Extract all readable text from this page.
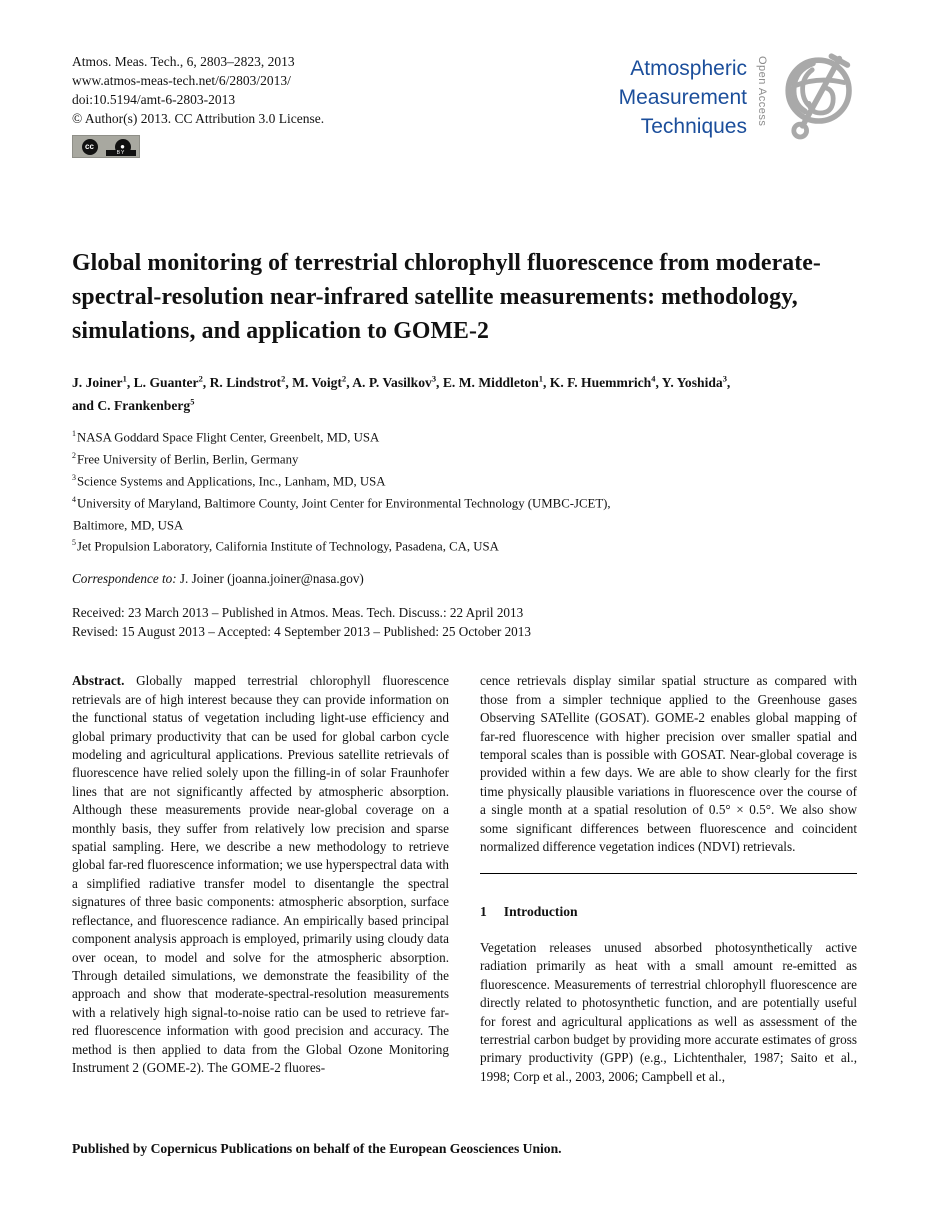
Atmos. Meas. Tech., 6, 2803–2823, 2013
www.atmos-meas-tech.net/6/2803/2013/
doi:10.5194/amt-6-2803-2013
© Author(s) 2013. CC Attribution 3.0 License.
cc	●
BY
Atmospheric
Measurement
Techniques
Open Access
Global monitoring of terrestrial chlorophyll fluorescence from moderate-spectral-resolution near-infrared satellite measurements: methodology, simulations, and application to GOME-2
J. Joiner$^1$, L. Guanter$^2$, R. Lindstrot$^2$, M. Voigt$^2$, A. P. Vasilkov$^3$, E. M. Middleton$^1$, K. F. Huemmrich$^4$, Y. Yoshida$^3$,
and C. Frankenberg$^5$
$^1$NASA Goddard Space Flight Center, Greenbelt, MD, USA
$^2$Free University of Berlin, Berlin, Germany
$^3$Science Systems and Applications, Inc., Lanham, MD, USA
$^4$University of Maryland, Baltimore County, Joint Center for Environmental Technology (UMBC-JCET),
Baltimore, MD, USA
$^5$Jet Propulsion Laboratory, California Institute of Technology, Pasadena, CA, USA
Correspondence to: J. Joiner (joanna.joiner@nasa.gov)
Received: 23 March 2013 – Published in Atmos. Meas. Tech. Discuss.: 22 April 2013
Revised: 15 August 2013 – Accepted: 4 September 2013 – Published: 25 October 2013

Abstract. Globally mapped terrestrial chlorophyll fluorescence retrievals are of high interest because they can provide information on the functional status of vegetation including light-use efficiency and global primary productivity that can be used for global carbon cycle modeling and agricultural applications. Previous satellite retrievals of fluorescence have relied solely upon the filling-in of solar Fraunhofer lines that are not significantly affected by atmospheric absorption. Although these measurements provide near-global coverage on a monthly basis, they suffer from relatively low precision and sparse spatial sampling. Here, we describe a new methodology to retrieve global far-red fluorescence information; we use hyperspectral data with a simplified radiative transfer model to disentangle the spectral signatures of three basic components: atmospheric absorption, surface reflectance, and fluorescence radiance. An empirically based principal component analysis approach is employed, primarily using cloudy data over ocean, to model and solve for the atmospheric absorption. Through detailed simulations, we demonstrate the feasibility of the approach and show that moderate-spectral-resolution measurements with a relatively high signal-to-noise ratio can be used to retrieve far-red fluorescence information with good precision and accuracy. The method is then applied to data from the Global Ozone Monitoring Instrument 2 (GOME-2). The GOME-2 fluores-

cence retrievals display similar spatial structure as compared with those from a simpler technique applied to the Greenhouse gases Observing SATellite (GOSAT). GOME-2 enables global mapping of far-red fluorescence with higher precision over smaller spatial and temporal scales than is possible with GOSAT. Near-global coverage is provided within a few days. We are able to show clearly for the first time physically plausible variations in fluorescence over the course of a single month at a spatial resolution of 0.5° × 0.5°. We also show some significant differences between fluorescence and coincident normalized difference vegetation indices (NDVI) retrievals.

1 Introduction

Vegetation releases unused absorbed photosynthetically active radiation primarily as heat with a small amount re-emitted as fluorescence. Measurements of terrestrial chlorophyll fluorescence are directly related to photosynthetic function, and are potentially useful for forest and agricultural applications as well as assessment of the terrestrial carbon budget by providing more accurate estimates of gross primary productivity (GPP) (e.g., Lichtenthaler, 1987; Saito et al., 1998; Corp et al., 2003, 2006; Campbell et al.,

Published by Copernicus Publications on behalf of the European Geosciences Union.
